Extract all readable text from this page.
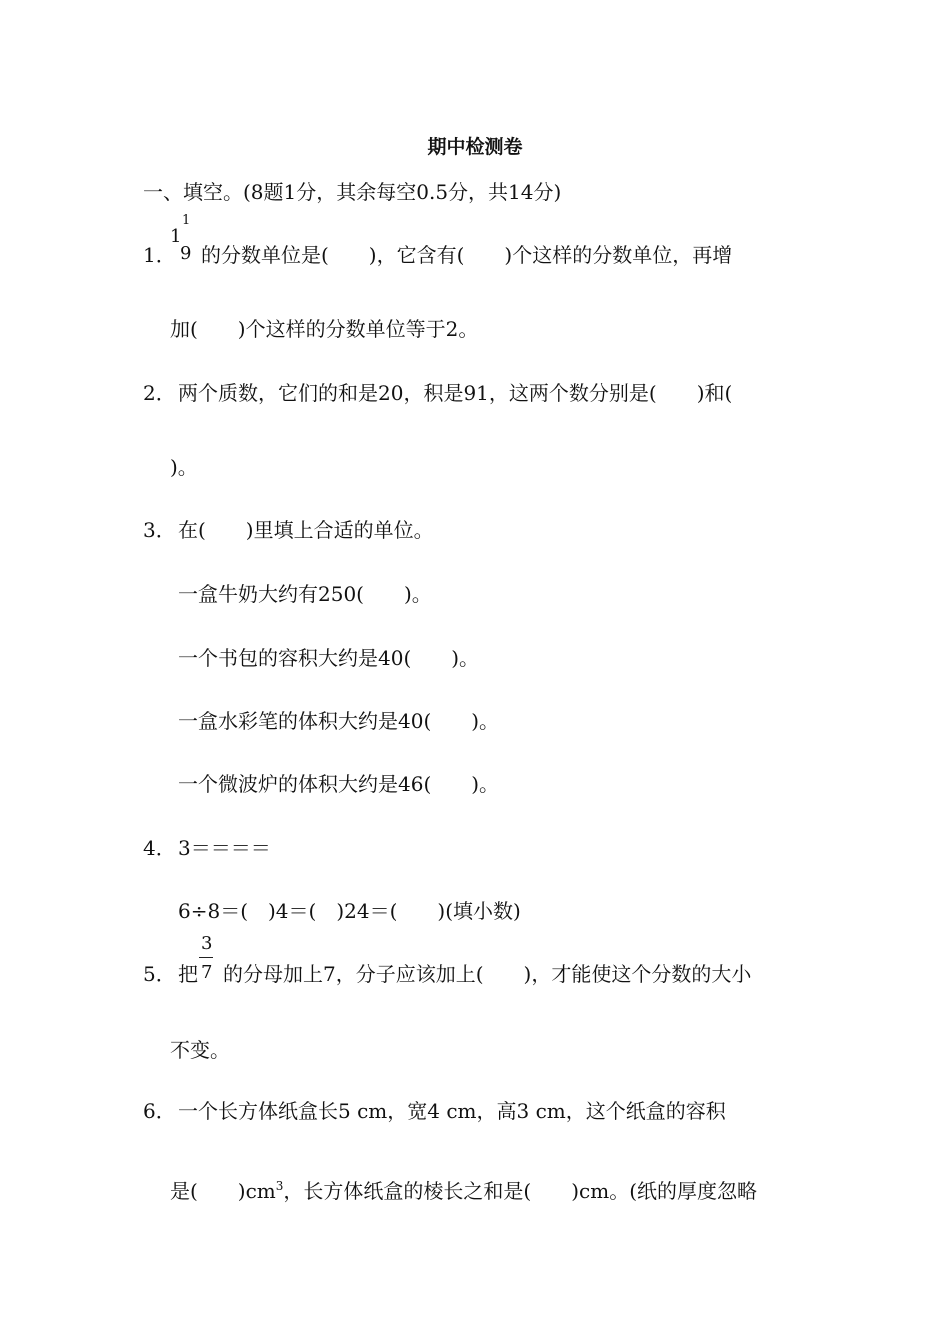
期中检测卷
一、填空。(8题1分，其余每空0.5分，共14分)
1．
1
1
9 的分数单位是(　　)，它含有(　　)个这样的分数单位，再增
加(　　)个这样的分数单位等于2。
2． 两个质数，它们的和是20，积是91，这两个数分别是(　　)和(
)。
3． 在(　　)里填上合适的单位。
一盒牛奶大约有250(　　)。
一个书包的容积大约是40(　　)。
一盒水彩笔的体积大约是40(　　)。
一个微波炉的体积大约是46(　　)。
4． 3＝＝＝＝
6÷8＝(　)4＝(　)24＝(　　)(填小数)
5． 把
3
7 的分母加上7，分子应该加上(　　)，才能使这个分数的大小
不变。
6． 一个长方体纸盒长5 cm，宽4 cm，高3 cm，这个纸盒的容积
是(　　)$cm^3$，长方体纸盒的棱长之和是(　　)cm。(纸的厚度忽略
